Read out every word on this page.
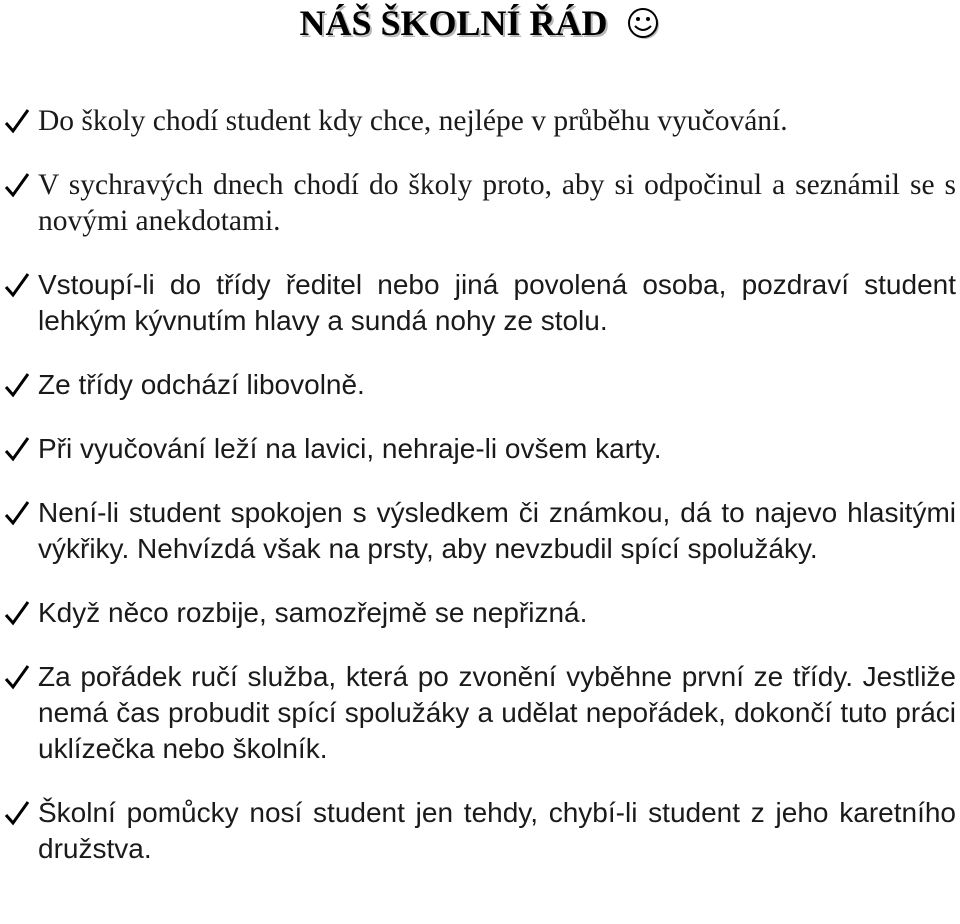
NÁŠ ŠKOLNÍ ŘÁD
Do školy chodí student kdy chce, nejlépe v průběhu vyučování.
V sychravých dnech chodí do školy proto, aby si odpočinul a seznámil se s novými anekdotami.
Vstoupí-li do třídy ředitel nebo jiná povolená osoba, pozdraví student lehkým kývnutím hlavy a sundá nohy ze stolu.
Ze třídy odchází libovolně.
Při vyučování leží na lavici, nehraje-li ovšem karty.
Není-li student spokojen s výsledkem či známkou, dá to najevo hlasitými výkřiky. Nehvízdá však na prsty, aby nevzbudil spící spolužáky.
Když něco rozbije, samozřejmě se nepřizná.
Za pořádek ručí služba, která po zvonění vyběhne první ze třídy. Jestliže nemá čas probudit spící spolužáky a udělat nepořádek, dokončí tuto práci uklízečka nebo školník.
Školní pomůcky nosí student jen tehdy, chybí-li student z jeho karetního družstva.
